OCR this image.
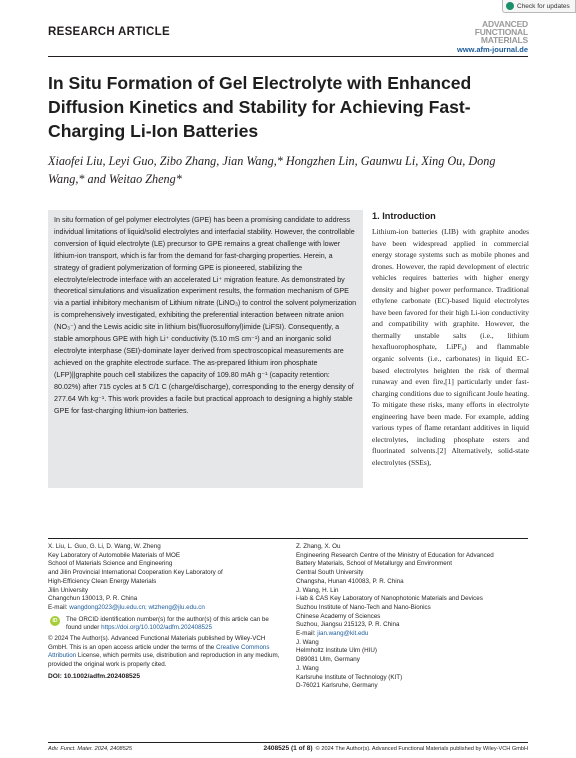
Check for updates
RESEARCH ARTICLE
ADVANCED
FUNCTIONAL
MATERIALS
www.afm-journal.de
In Situ Formation of Gel Electrolyte with Enhanced Diffusion Kinetics and Stability for Achieving Fast-Charging Li-Ion Batteries
Xiaofei Liu, Leyi Guo, Zibo Zhang, Jian Wang,* Hongzhen Lin, Gaunwu Li, Xing Ou, Dong Wang,* and Weitao Zheng*

In situ formation of gel polymer electrolytes (GPE) has been a promising candidate to address individual limitations of liquid/solid electrolytes and interfacial stability. However, the controllable conversion of liquid electrolyte (LE) precursor to GPE remains a great challenge with lower lithium-ion transport, which is far from the demand for fast-charging properties. Herein, a strategy of gradient polymerization of forming GPE is pioneered, stabilizing the electrolyte/electrode interface with an accelerated Li⁺ migration feature. As demonstrated by theoretical simulations and visualization experiment results, the formation mechanism of GPE via a partial inhibitory mechanism of Lithium nitrate (LiNO₃) to control the solvent polymerization is comprehensively investigated, exhibiting the preferential interaction between nitrate anion (NO₃⁻) and the Lewis acidic site in lithium bis(fluorosulfonyl)imide (LiFSI). Consequently, a stable amorphous GPE with high Li⁺ conductivity (5.10 mS cm⁻¹) and an inorganic solid electrolyte interphase (SEI)-dominate layer derived from spectroscopical measurements are achieved on the graphite electrode surface. The as-prepared lithium iron phosphate (LFP)||graphite pouch cell stabilizes the capacity of 109.80 mAh g⁻¹ (capacity retention: 80.02%) after 715 cycles at 5 C/1 C (charge/discharge), corresponding to the energy density of 277.64 Wh kg⁻¹. This work provides a facile but practical approach to designing a highly stable GPE for fast-charging lithium-ion batteries.

1. Introduction

Lithium-ion batteries (LIB) with graphite anodes have been widespread applied in commercial energy storage systems such as mobile phones and drones. However, the rapid development of electric vehicles requires batteries with higher energy density and higher power performance. Traditional ethylene carbonate (EC)-based liquid electrolytes have been favored for their high Li-ion conductivity and compatibility with graphite. However, the thermally unstable salts (i.e., lithium hexafluorophosphate, LiPF₆) and flammable organic solvents (i.e., carbonates) in liquid EC-based electrolytes heighten the risk of thermal runaway and even fire,[1] particularly under fast-charging conditions due to significant Joule heating. To mitigate these risks, many efforts in electrolyte engineering have been made. For example, adding various types of flame retardant additives in liquid electrolytes, including phosphate esters and fluorinated solvents.[2] Alternatively, solid-state electrolytes (SSEs),

X. Liu, L. Guo, G. Li, D. Wang, W. Zheng
Key Laboratory of Automobile Materials of MOE
School of Materials Science and Engineering
and Jilin Provincial International Cooperation Key Laboratory of
High-Efficiency Clean Energy Materials
Jilin University
Changchun 130013, P. R. China
E-mail: wangdong2023@jlu.edu.cn; wtzheng@jlu.edu.cn
ID	The ORCID identification number(s) for the author(s) of this article can be found under https://doi.org/10.1002/adfm.202408525
© 2024 The Author(s). Advanced Functional Materials published by Wiley-VCH GmbH. This is an open access article under the terms of the Creative Commons Attribution License, which permits use, distribution and reproduction in any medium, provided the original work is properly cited.
DOI: 10.1002/adfm.202408525
Z. Zhang, X. Ou
Engineering Research Centre of the Ministry of Education for Advanced
Battery Materials, School of Metallurgy and Environment
Central South University
Changsha, Hunan 410083, P. R. China
J. Wang, H. Lin
i-lab & CAS Key Laboratory of Nanophotonic Materials and Devices
Suzhou Institute of Nano-Tech and Nano-Bionics
Chinese Academy of Sciences
Suzhou, Jiangsu 215123, P. R. China
E-mail: jian.wang@kit.edu
J. Wang
Helmholtz Institute Ulm (HIU)
D89081 Ulm, Germany
J. Wang
Karlsruhe Institute of Technology (KIT)
D-76021 Karlsruhe, Germany
Adv. Funct. Mater. 2024, 2408525	2408525 (1 of 8) © 2024 The Author(s). Advanced Functional Materials published by Wiley-VCH GmbH
